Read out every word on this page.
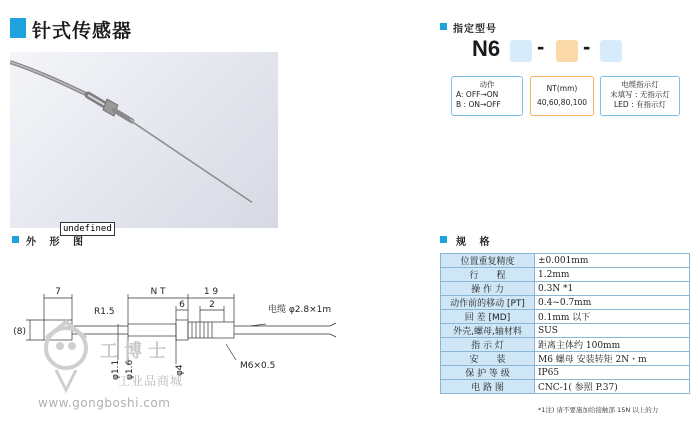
针式传感器
undefined
外 形 图
7	N T	1 9
6	2
R1.5
(8)
φ1.1 φ1.6	φ4
电缆 φ2.8×1m
M6×0.5
工博士
工业品商城
www.gongboshi.com
指定型号
N6 - -
动作
A: OFF→ON
B : ON→OFF
NT(mm)
40,60,80,100
电缆指示灯
未填写 : 无指示灯
LED : 有指示灯
规 格
位置重复精度	±0.001mm
行　　程	1.2mm
操 作 力	0.3N *1
动作前的移动 [PT]	0.4~0.7mm
回 差 [MD]	0.1mm 以下
外壳,螺母,轴材料	SUS
指 示 灯	距离主体约 100mm
安　　装	M6 螺母 安装转矩 2N・m
保 护 等 级	IP65
电 路 图	CNC-1( 参照 P.37)
*1注) 请不要施加给接触部 15N 以上的力
